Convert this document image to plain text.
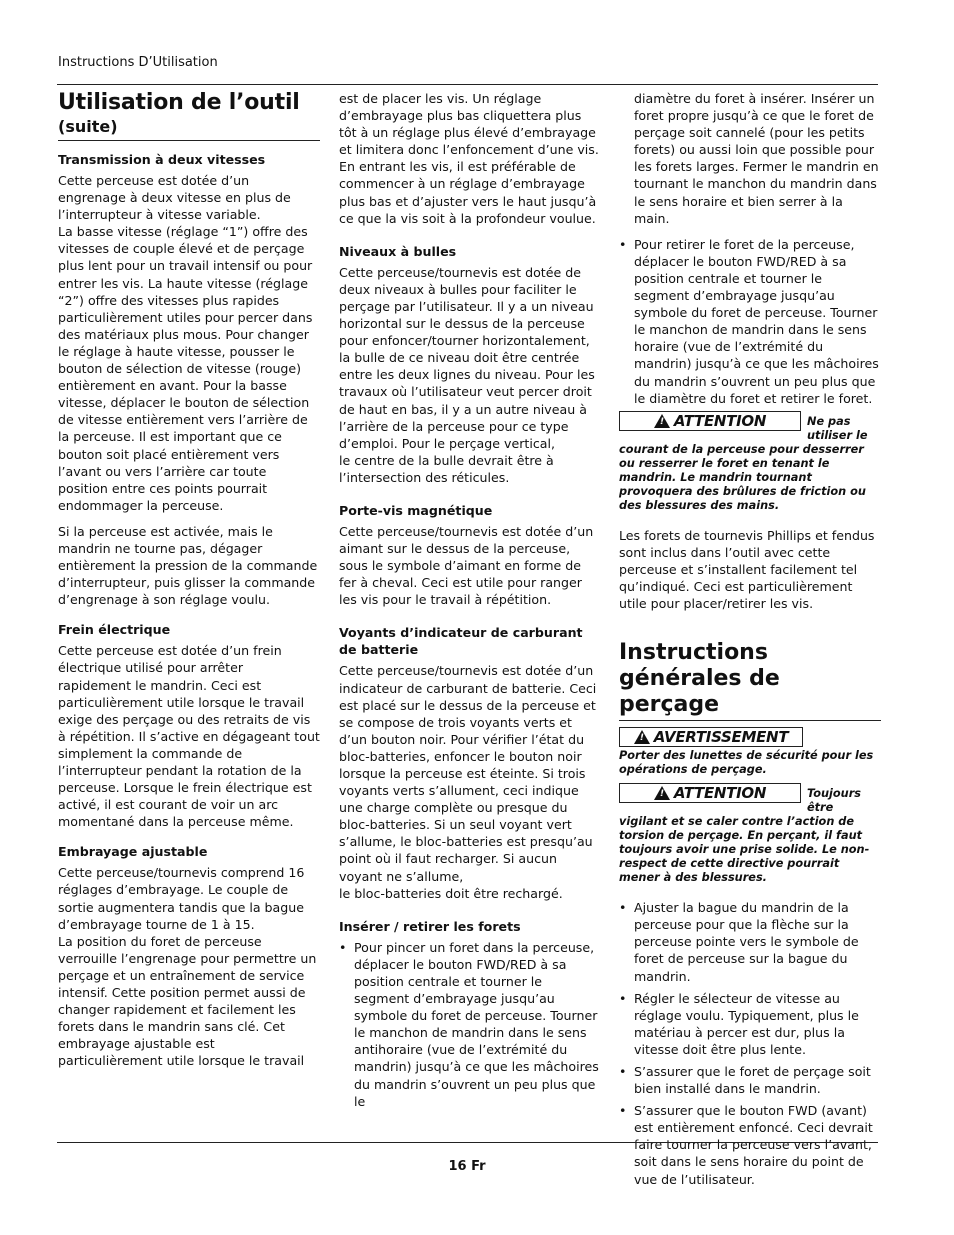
Instructions D’Utilisation
Utilisation de l’outil
(suite)
Transmission à deux vitesses

Cette perceuse est dotée d’un engrenage à deux vitesse en plus de l’interrupteur à vitesse variable.

La basse vitesse (réglage “1”) offre des vitesses de couple élevé et de perçage plus lent pour un travail intensif ou pour entrer les vis. La haute vitesse (réglage “2”) offre des vitesses plus rapides particulièrement utiles pour percer dans des matériaux plus mous. Pour changer le réglage à haute vitesse, pousser le bouton de sélection de vitesse (rouge) entièrement en avant. Pour la basse vitesse, déplacer le bouton de sélection de vitesse entièrement vers l’arrière de la perceuse. Il est important que ce bouton soit placé entièrement vers l’avant ou vers l’arrière car toute position entre ces points pourrait endommager la perceuse.

Si la perceuse est activée, mais le mandrin ne tourne pas, dégager entièrement la pression de la commande d’interrupteur, puis glisser la commande d’engrenage à son réglage voulu.

Frein électrique

Cette perceuse est dotée d’un frein électrique utilisé pour arrêter rapidement le mandrin. Ceci est particulièrement utile lorsque le travail exige des perçage ou des retraits de vis à répétition. Il s’active en dégageant tout simplement la commande de l’interrupteur pendant la rotation de la perceuse. Lorsque le frein électrique est activé, il est courant de voir un arc momentané dans la perceuse même.

Embrayage ajustable

Cette perceuse/tournevis comprend 16 réglages d’embrayage. Le couple de sortie augmentera tandis que la bague d’embrayage tourne de 1 à 15.

La position du foret de perceuse verrouille l’engrenage pour permettre un perçage et un entraînement de service intensif. Cette position permet aussi de changer rapidement et facilement les forets dans le mandrin sans clé. Cet embrayage ajustable est particulièrement utile lorsque le travail

est de placer les vis. Un réglage d’embrayage plus bas cliquettera plus tôt à un réglage plus élevé d’embrayage et limitera donc l’enfoncement d’une vis.

En entrant les vis, il est préférable de commencer à un réglage d’embrayage plus bas et d’ajuster vers le haut jusqu’à ce que la vis soit à la profondeur voulue.

Niveaux à bulles

Cette perceuse/tournevis est dotée de deux niveaux à bulles pour faciliter le perçage par l’utilisateur. Il y a un niveau horizontal sur le dessus de la perceuse pour enfoncer/tourner horizontalement, la bulle de ce niveau doit être centrée entre les deux lignes du niveau. Pour les travaux où l’utilisateur veut percer droit de haut en bas, il y a un autre niveau à l’arrière de la perceuse pour ce type d’emploi. Pour le perçage vertical,

le centre de la bulle devrait être à l’intersection des réticules.

Porte-vis magnétique

Cette perceuse/tournevis est dotée d’un aimant sur le dessus de la perceuse, sous le symbole d’aimant en forme de fer à cheval. Ceci est utile pour ranger les vis pour le travail à répétition.

Voyants d’indicateur de carburant de batterie

Cette perceuse/tournevis est dotée d’un indicateur de carburant de batterie. Ceci est placé sur le dessus de la perceuse et se compose de trois voyants verts et d’un bouton noir. Pour vérifier l’état du bloc-batteries, enfoncer le bouton noir lorsque la perceuse est éteinte. Si trois voyants verts s’allument, ceci indique une charge complète ou presque du bloc-batteries. Si un seul voyant vert s’allume, le bloc-batteries est presqu’au point où il faut recharger. Si aucun voyant ne s’allume,

le bloc-batteries doit être rechargé.

Insérer / retirer les forets
• Pour pincer un foret dans la perceuse, déplacer le bouton FWD/RED à sa position centrale et tourner le segment d’embrayage jusqu’au symbole du foret de perceuse. Tourner le manchon de mandrin dans le sens antihoraire (vue de l’extrémité du mandrin) jusqu’à ce que les mâchoires du mandrin s’ouvrent un peu plus que le
diamètre du foret à insérer. Insérer un foret propre jusqu’à ce que le foret de perçage soit cannelé (pour les petits forets) ou aussi loin que possible pour les forets larges. Fermer le mandrin en tournant le manchon du mandrin dans le sens horaire et bien serrer à la main.
• Pour retirer le foret de la perceuse, déplacer le bouton FWD/RED à sa position centrale et tourner le segment d’embrayage jusqu’au symbole du foret de perceuse. Tourner le manchon de mandrin dans le sens horaire (vue de l’extrémité du mandrin) jusqu’à ce que les mâchoires du mandrin s’ouvrent un peu plus que le diamètre du foret et retirer le foret.
! ATTENTION	Ne pas utiliser le courant de la perceuse pour desserrer ou resserrer le foret en tenant le mandrin. Le mandrin tournant provoquera des brûlures de friction ou des blessures des mains.

Les forets de tournevis Phillips et fendus sont inclus dans l’outil avec cette perceuse et s’installent facilement tel qu’indiqué. Ceci est particulièrement utile pour placer/retirer les vis.

Instructions générales de perçage
! AVERTISSEMENT
Porter des lunettes de sécurité pour les opérations de perçage.
! ATTENTION	Toujours être vigilant et se caler contre l’action de torsion de perçage. En perçant, il faut toujours avoir une prise solide. Le non-respect de cette directive pourrait mener à des blessures.
• Ajuster la bague du mandrin de la perceuse pour que la flèche sur la perceuse pointe vers le symbole de foret de perceuse sur la bague du mandrin.
• Régler le sélecteur de vitesse au réglage voulu. Typiquement, plus le matériau à percer est dur, plus la vitesse doit être plus lente.
• S’assurer que le foret de perçage soit bien installé dans le mandrin.
• S’assurer que le bouton FWD (avant) est entièrement enfoncé. Ceci devrait faire tourner la perceuse vers l’avant, soit dans le sens horaire du point de vue de l’utilisateur.
16 Fr
